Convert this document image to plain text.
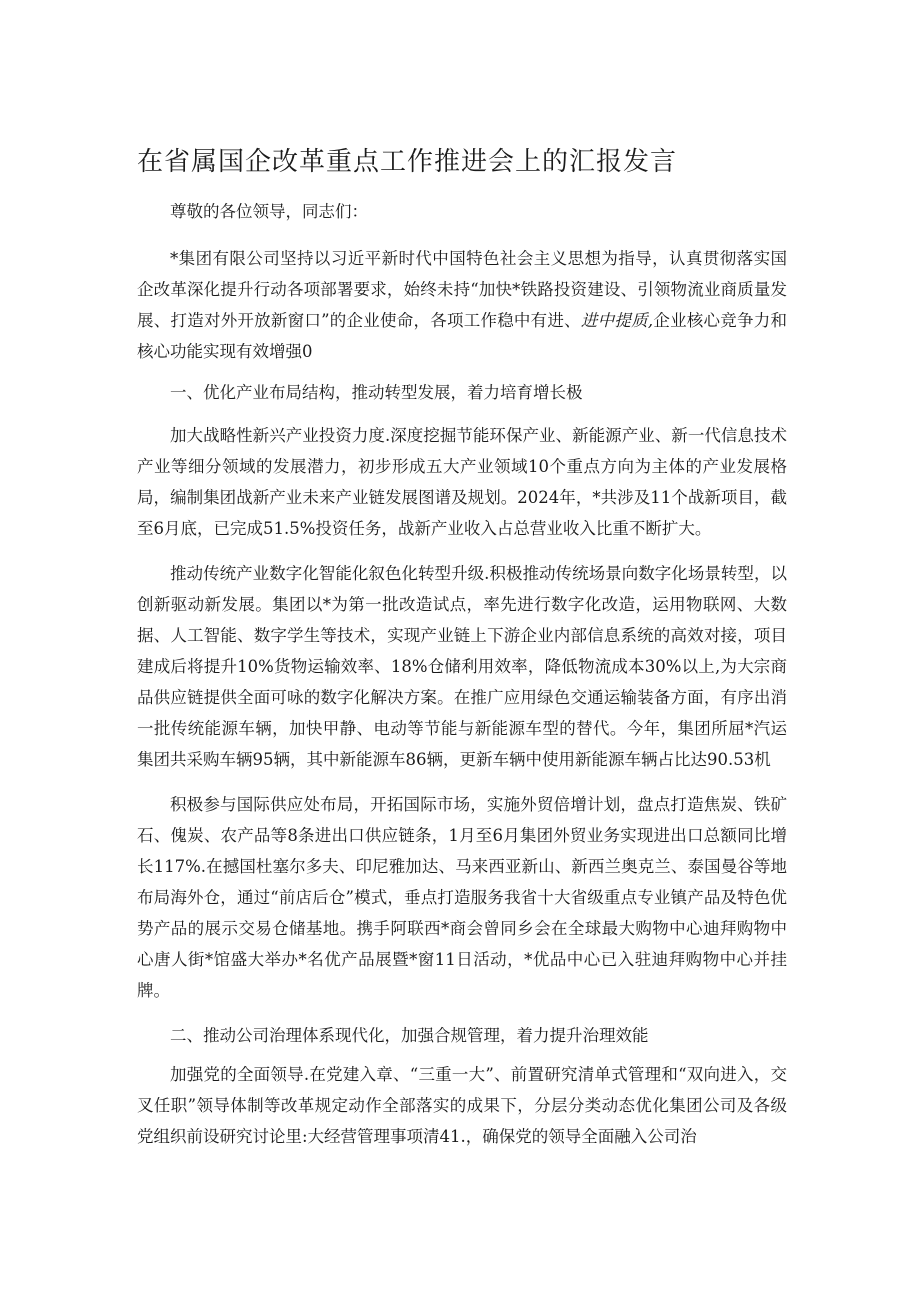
在省属国企改革重点工作推进会上的汇报发言

尊敬的各位领导，同志们：

*集团有限公司坚持以习近平新时代中国特色社会主义思想为指导，认真贯彻落实国企改革深化提升行动各项部署要求，始终未持“加快*铁路投资建设、引领物流业商质量发展、打造对外开放新窗口”的企业使命，各项工作稳中有进、进中提质,企业核心竞争力和核心功能实现有效增强0

一、优化产业布局结构，推动转型发展，着力培育增长极

加大战略性新兴产业投资力度.深度挖掘节能环保产业、新能源产业、新一代信息技术产业等细分领域的发展潜力，初步形成五大产业领域10个重点方向为主体的产业发展格局，编制集团战新产业未来产业链发展图谱及规划。2024年，*共涉及11个战新项目，截至6月底，已完成51.5%投资任务，战新产业收入占总营业收入比重不断扩大。

推动传统产业数字化智能化叙色化转型升级.积极推动传统场景向数字化场景转型，以创新驱动新发展。集团以*为第一批改造试点，率先进行数字化改造，运用物联网、大数据、人工智能、数字学生等技术，实现产业链上下游企业内部信息系统的高效对接，项目建成后将提升10%货物运输效率、18%仓储利用效率，降低物流成本30%以上,为大宗商品供应链提供全面可咏的数字化解决方案。在推广应用绿色交通运输装备方面，有序出消一批传统能源车辆，加快甲静、电动等节能与新能源车型的替代。今年，集团所屈*汽运集团共采购车辆95辆，其中新能源车86辆，更新车辆中使用新能源车辆占比达90.53机

积极参与国际供应处布局，开拓国际市场，实施外贸倍增计划，盘点打造焦炭、铁矿石、傀炭、农产品等8条进出口供应链条，1月至6月集团外贸业务实现进出口总额同比增长117%.在撼国杜塞尔多夫、印尼雅加达、马来西亚新山、新西兰奥克兰、泰国曼谷等地布局海外仓，通过“前店后仓”模式，垂点打造服务我省十大省级重点专业镇产品及特色优势产品的展示交易仓储基地。携手阿联西*商会曾同乡会在全球最大购物中心迪拜购物中心唐人街*馆盛大举办*名优产品展暨*窗11日活动，*优品中心已入驻迪拜购物中心并挂牌。

二、推动公司治理体系现代化，加强合规管理，着力提升治理效能

加强党的全面领导.在党建入章、“三重一大”、前置研究清单式管理和“双向进入，交叉任职”领导体制等改革规定动作全部落实的成果下，分层分类动态优化集团公司及各级党组织前设研究讨论里:大经营管理事项清41.，确保党的领导全面融入公司治
